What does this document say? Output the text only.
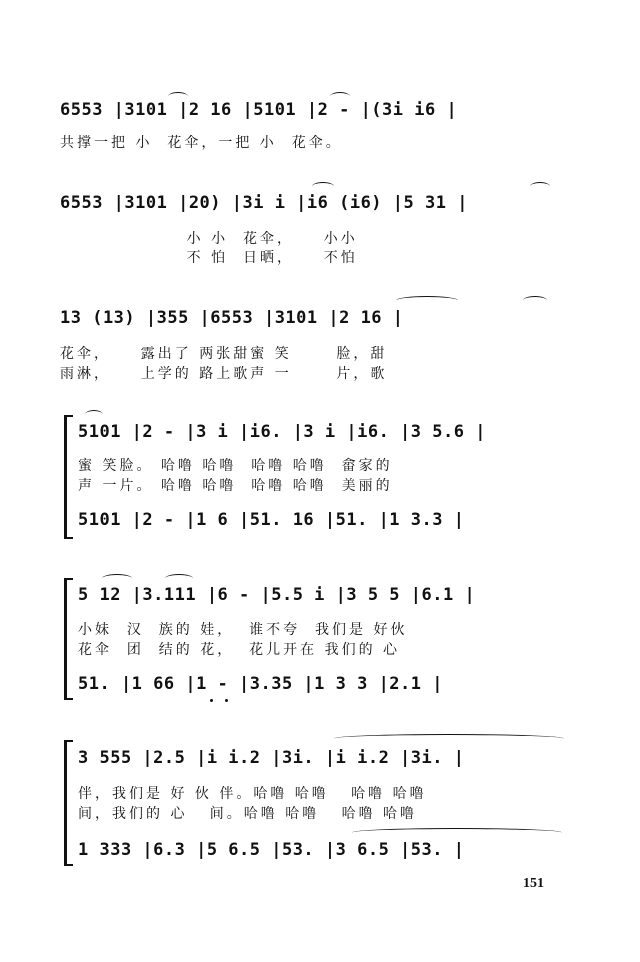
6553 |3101 |2 16 |5101 |2 - |(3i i6 |
共撑一把 小  花伞，一把 小  花伞。
6553 |3101 |20) |3i i |i6 (i6) |5 31 |
小 小  花伞，    小小
不 怕  日晒，    不怕
13 (13) |355 |6553 |3101 |2 16 |
花伞，    露出了 两张甜蜜 笑      脸，甜
雨淋，    上学的 路上歌声 一      片，歌
5101 |2 - |3 i |i6. |3 i |i6. |3 5.6 |
蜜 笑脸。 哈噜 哈噜  哈噜 哈噜  畲家的
声 一片。 哈噜 哈噜  哈噜 哈噜  美丽的
5101 |2 - |1 6 |51. 16 |51. |1 3.3 |
5 12 |3.111 |6 - |5.5 i |3 5 5 |6.1 |
小妹  汉  族的 娃，  谁不夸  我们是 好伙
花伞  团  结的 花，  花儿开在 我们的 心
51. |1 66 |1 - |3.35 |1 3 3 |2.1 |
3 555 |2.5 |i i.2 |3i. |i i.2 |3i. |
伴，我们是 好 伙 伴。哈噜 哈噜   哈噜 哈噜
间，我们的 心   间。哈噜 哈噜   哈噜 哈噜
1 333 |6.3 |5 6.5 |53. |3 6.5 |53. |
151
